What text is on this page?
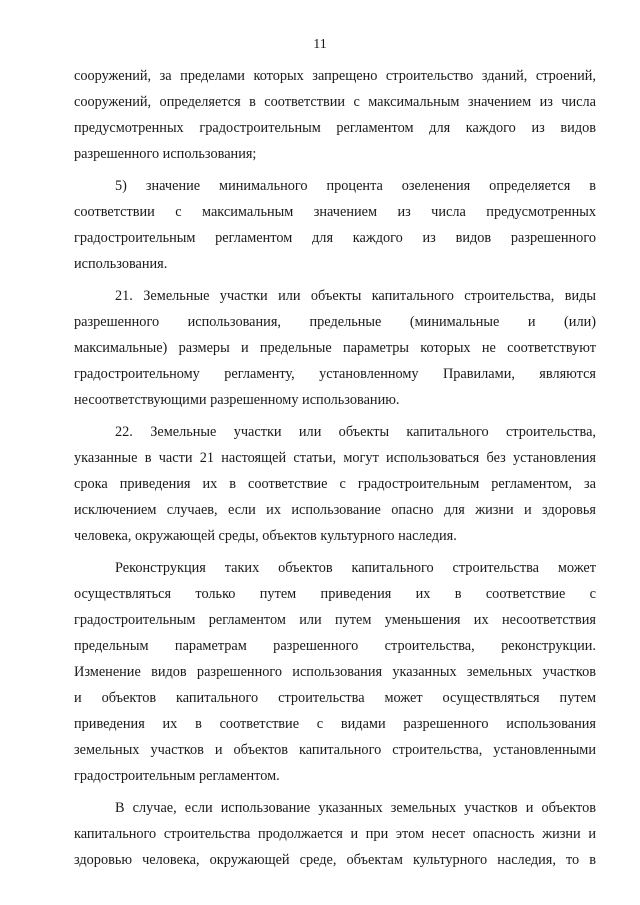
11
сооружений, за пределами которых запрещено строительство зданий, строений,
сооружений, определяется в соответствии с максимальным значением из числа
предусмотренных градостроительным регламентом для каждого из видов
разрешенного использования;
5) значение минимального процента озеленения определяется в
соответствии с максимальным значением из числа предусмотренных
градостроительным регламентом для каждого из видов разрешенного
использования.
21. Земельные участки или объекты капитального строительства, виды
разрешенного использования, предельные (минимальные и (или)
максимальные) размеры и предельные параметры которых не соответствуют
градостроительному регламенту, установленному Правилами, являются
несоответствующими разрешенному использованию.
22. Земельные участки или объекты капитального строительства,
указанные в части 21 настоящей статьи, могут использоваться без установления
срока приведения их в соответствие с градостроительным регламентом, за
исключением случаев, если их использование опасно для жизни и здоровья
человека, окружающей среды, объектов культурного наследия.
Реконструкция таких объектов капитального строительства может
осуществляться только путем приведения их в соответствие с
градостроительным регламентом или путем уменьшения их несоответствия
предельным параметрам разрешенного строительства, реконструкции.
Изменение видов разрешенного использования указанных земельных участков
и объектов капитального строительства может осуществляться путем
приведения их в соответствие с видами разрешенного использования
земельных участков и объектов капитального строительства, установленными
градостроительным регламентом.
В случае, если использование указанных земельных участков и объектов
капитального строительства продолжается и при этом несет опасность жизни и
здоровью человека, окружающей среде, объектам культурного наследия, то в
